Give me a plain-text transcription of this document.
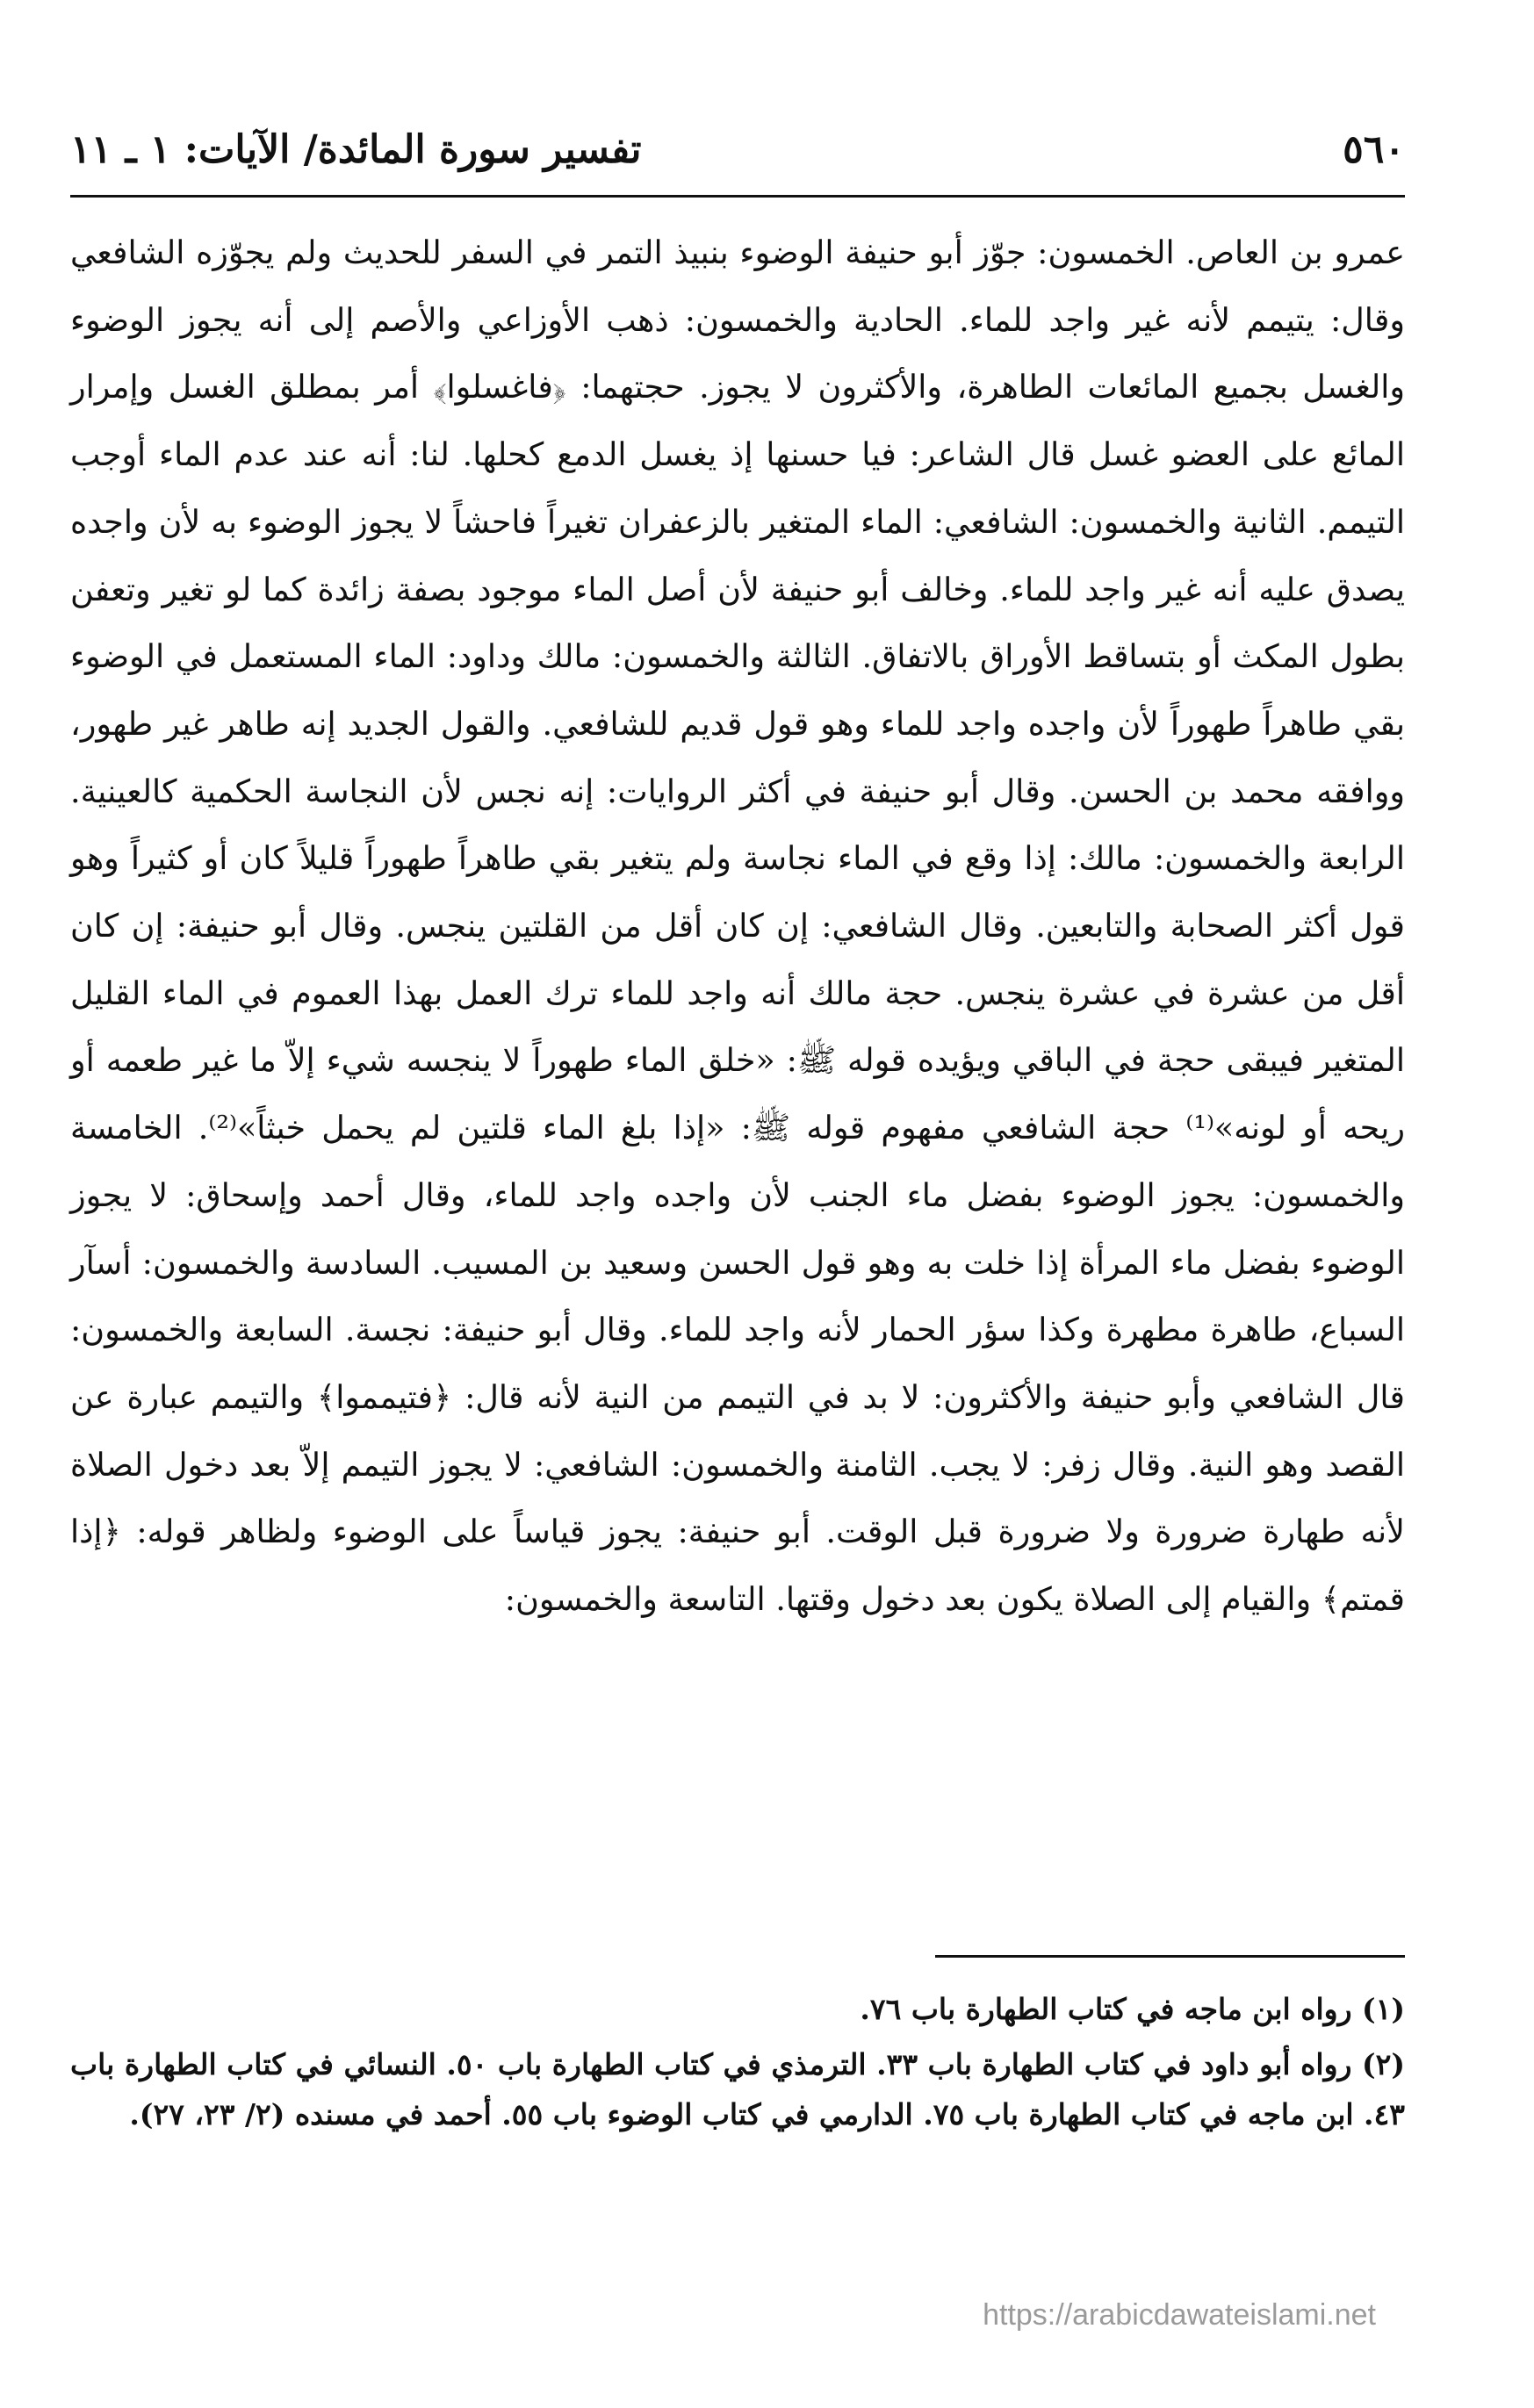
٥٦٠
تفسير سورة المائدة/ الآيات: ١ ـ ١١

عمرو بن العاص. الخمسون: جوّز أبو حنيفة الوضوء بنبيذ التمر في السفر للحديث ولم يجوّزه الشافعي وقال: يتيمم لأنه غير واجد للماء. الحادية والخمسون: ذهب الأوزاعي والأصم إلى أنه يجوز الوضوء والغسل بجميع المائعات الطاهرة، والأكثرون لا يجوز. حجتهما: ﴿فاغسلوا﴾ أمر بمطلق الغسل وإمرار المائع على العضو غسل قال الشاعر: فيا حسنها إذ يغسل الدمع كحلها. لنا: أنه عند عدم الماء أوجب التيمم. الثانية والخمسون: الشافعي: الماء المتغير بالزعفران تغيراً فاحشاً لا يجوز الوضوء به لأن واجده يصدق عليه أنه غير واجد للماء. وخالف أبو حنيفة لأن أصل الماء موجود بصفة زائدة كما لو تغير وتعفن بطول المكث أو بتساقط الأوراق بالاتفاق. الثالثة والخمسون: مالك وداود: الماء المستعمل في الوضوء بقي طاهراً طهوراً لأن واجده واجد للماء وهو قول قديم للشافعي. والقول الجديد إنه طاهر غير طهور، ووافقه محمد بن الحسن. وقال أبو حنيفة في أكثر الروايات: إنه نجس لأن النجاسة الحكمية كالعينية. الرابعة والخمسون: مالك: إذا وقع في الماء نجاسة ولم يتغير بقي طاهراً طهوراً قليلاً كان أو كثيراً وهو قول أكثر الصحابة والتابعين. وقال الشافعي: إن كان أقل من القلتين ينجس. وقال أبو حنيفة: إن كان أقل من عشرة في عشرة ينجس. حجة مالك أنه واجد للماء ترك العمل بهذا العموم في الماء القليل المتغير فيبقى حجة في الباقي ويؤيده قوله ﷺ: «خلق الماء طهوراً لا ينجسه شيء إلاّ ما غير طعمه أو ريحه أو لونه»⁽¹⁾ حجة الشافعي مفهوم قوله ﷺ: «إذا بلغ الماء قلتين لم يحمل خبثاً»⁽²⁾. الخامسة والخمسون: يجوز الوضوء بفضل ماء الجنب لأن واجده واجد للماء، وقال أحمد وإسحاق: لا يجوز الوضوء بفضل ماء المرأة إذا خلت به وهو قول الحسن وسعيد بن المسيب. السادسة والخمسون: أسآر السباع، طاهرة مطهرة وكذا سؤر الحمار لأنه واجد للماء. وقال أبو حنيفة: نجسة. السابعة والخمسون: قال الشافعي وأبو حنيفة والأكثرون: لا بد في التيمم من النية لأنه قال: ﴿فتيمموا﴾ والتيمم عبارة عن القصد وهو النية. وقال زفر: لا يجب. الثامنة والخمسون: الشافعي: لا يجوز التيمم إلاّ بعد دخول الصلاة لأنه طهارة ضرورة ولا ضرورة قبل الوقت. أبو حنيفة: يجوز قياساً على الوضوء ولظاهر قوله: ﴿إذا قمتم﴾ والقيام إلى الصلاة يكون بعد دخول وقتها. التاسعة والخمسون:

(١) رواه ابن ماجه في كتاب الطهارة باب ٧٦.

(٢) رواه أبو داود في كتاب الطهارة باب ٣٣. الترمذي في كتاب الطهارة باب ٥٠. النسائي في كتاب الطهارة باب ٤٣. ابن ماجه في كتاب الطهارة باب ٧٥. الدارمي في كتاب الوضوء باب ٥٥. أحمد في مسنده (٢/ ٢٣، ٢٧).

https://arabicdawateislami.net
